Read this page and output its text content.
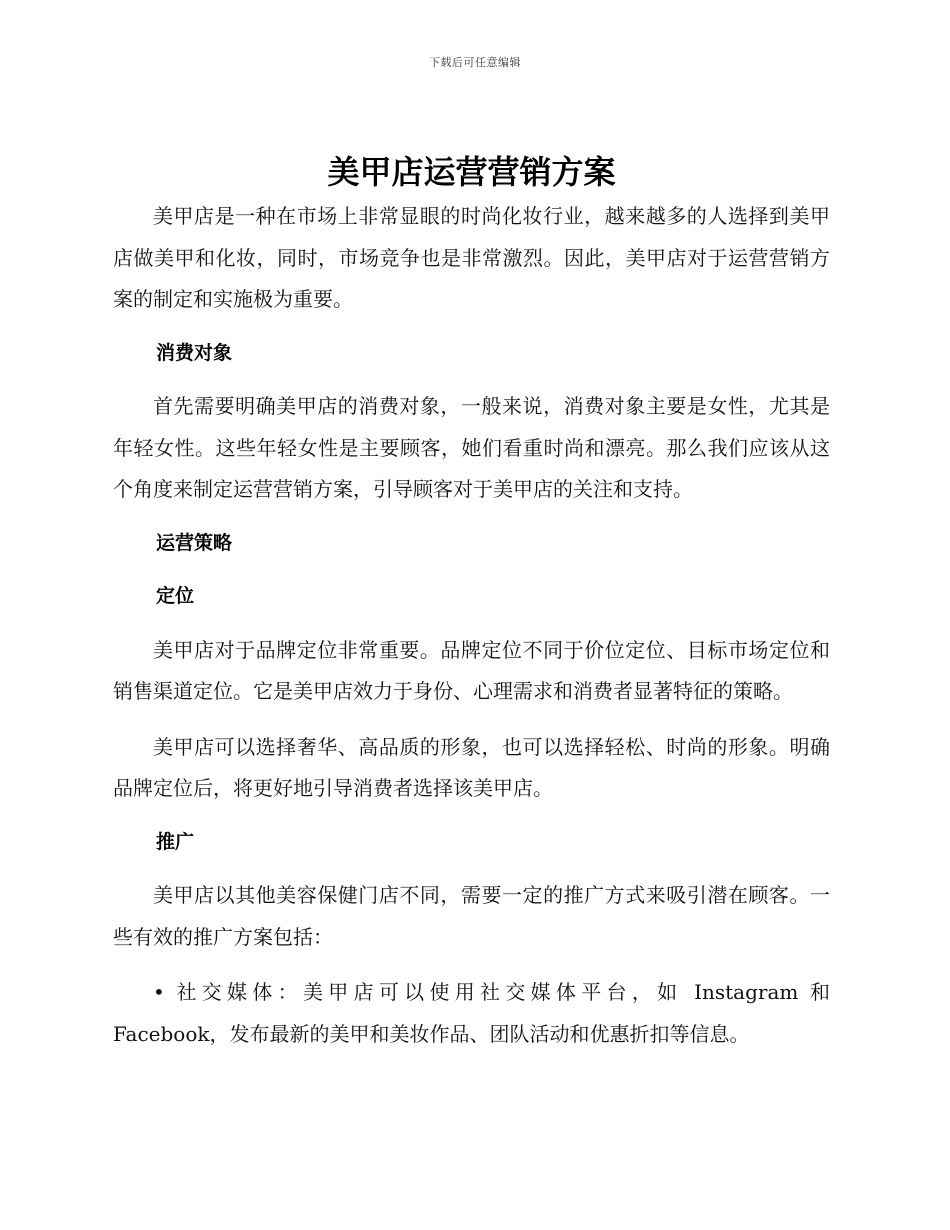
下载后可任意编辑
美甲店运营营销方案

美甲店是一种在市场上非常显眼的时尚化妆行业，越来越多的人选择到美甲店做美甲和化妆，同时，市场竞争也是非常激烈。因此，美甲店对于运营营销方案的制定和实施极为重要。

消费对象

首先需要明确美甲店的消费对象，一般来说，消费对象主要是女性，尤其是年轻女性。这些年轻女性是主要顾客，她们看重时尚和漂亮。那么我们应该从这个角度来制定运营营销方案，引导顾客对于美甲店的关注和支持。

运营策略
定位

美甲店对于品牌定位非常重要。品牌定位不同于价位定位、目标市场定位和销售渠道定位。它是美甲店效力于身份、心理需求和消费者显著特征的策略。

美甲店可以选择奢华、高品质的形象，也可以选择轻松、时尚的形象。明确品牌定位后，将更好地引导消费者选择该美甲店。

推广

美甲店以其他美容保健门店不同，需要一定的推广方式来吸引潜在顾客。一些有效的推广方案包括：

• 社交媒体：美甲店可以使用社交媒体平台，如 Instagram 和 Facebook，发布最新的美甲和美妆作品、团队活动和优惠折扣等信息。
